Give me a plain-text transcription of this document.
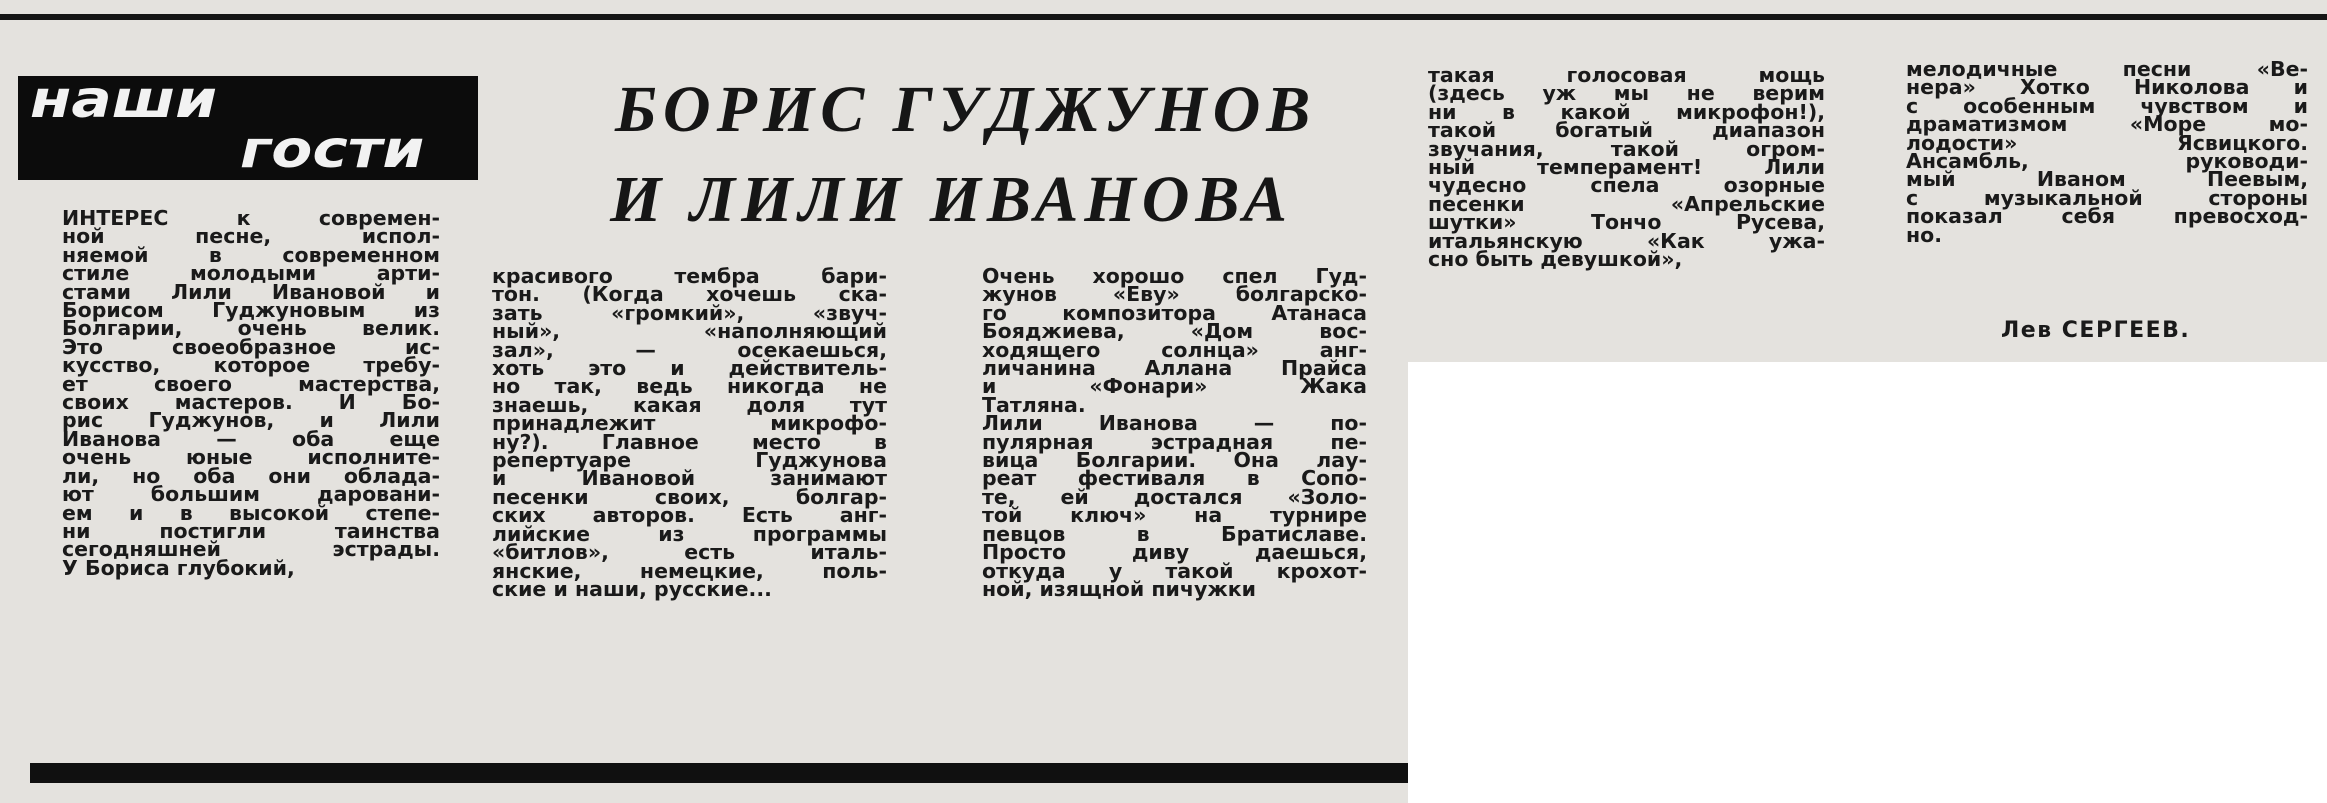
наши
гости
БОРИС ГУДЖУНОВ
И ЛИЛИ ИВАНОВА
ИНТЕРЕС к современ-
ной песне, испол-
няемой в современном
стиле молодыми арти-
стами Лили Ивановой и
Борисом Гуджуновым из
Болгарии, очень велик.
Это своеобразное ис-
кусство, которое требу-
ет своего мастерства,
своих мастеров. И Бо-
рис Гуджунов, и Лили
Иванова — оба еще
очень юные исполните-
ли, но оба они облада-
ют большим даровани-
ем и в высокой степе-
ни постигли таинства
сегодняшней эстрады.
У Бориса глубокий,
красивого тембра бари-
тон. (Когда хочешь ска-
зать «громкий», «звуч-
ный», «наполняющий
зал», — осекаешься,
хоть это и действитель-
но так, ведь никогда не
знаешь, какая доля тут
принадлежит микрофо-
ну?). Главное место в
репертуаре Гуджунова
и Ивановой занимают
песенки своих, болгар-
ских авторов. Есть анг-
лийские из программы
«битлов», есть италь-
янские, немецкие, поль-
ские и наши, русские...
Очень хорошо спел Гуд-
жунов «Еву» болгарско-
го композитора Атанаса
Бояджиева, «Дом вос-
ходящего солнца» анг-
личанина Аллана Прайса
и «Фонари» Жака
Татляна.
Лили Иванова — по-
пулярная эстрадная пе-
вица Болгарии. Она лау-
реат фестиваля в Сопо-
те, ей достался «Золо-
той ключ» на турнире
певцов в Братиславе.
Просто диву даешься,
откуда у такой крохот-
ной, изящной пичужки
такая голосовая мощь
(здесь уж мы не верим
ни в какой микрофон!),
такой богатый диапазон
звучания, такой огром-
ный темперамент! Лили
чудесно спела озорные
песенки «Апрельские
шутки» Тончо Русева,
итальянскую «Как ужа-
сно быть девушкой»,
мелодичные песни «Ве-
нера» Хотко Николова и
с особенным чувством и
драматизмом «Море мо-
лодости» Ясвицкого.
Ансамбль, руководи-
мый Иваном Пеевым,
с музыкальной стороны
показал себя превосход-
но.
Лев СЕРГЕЕВ.
